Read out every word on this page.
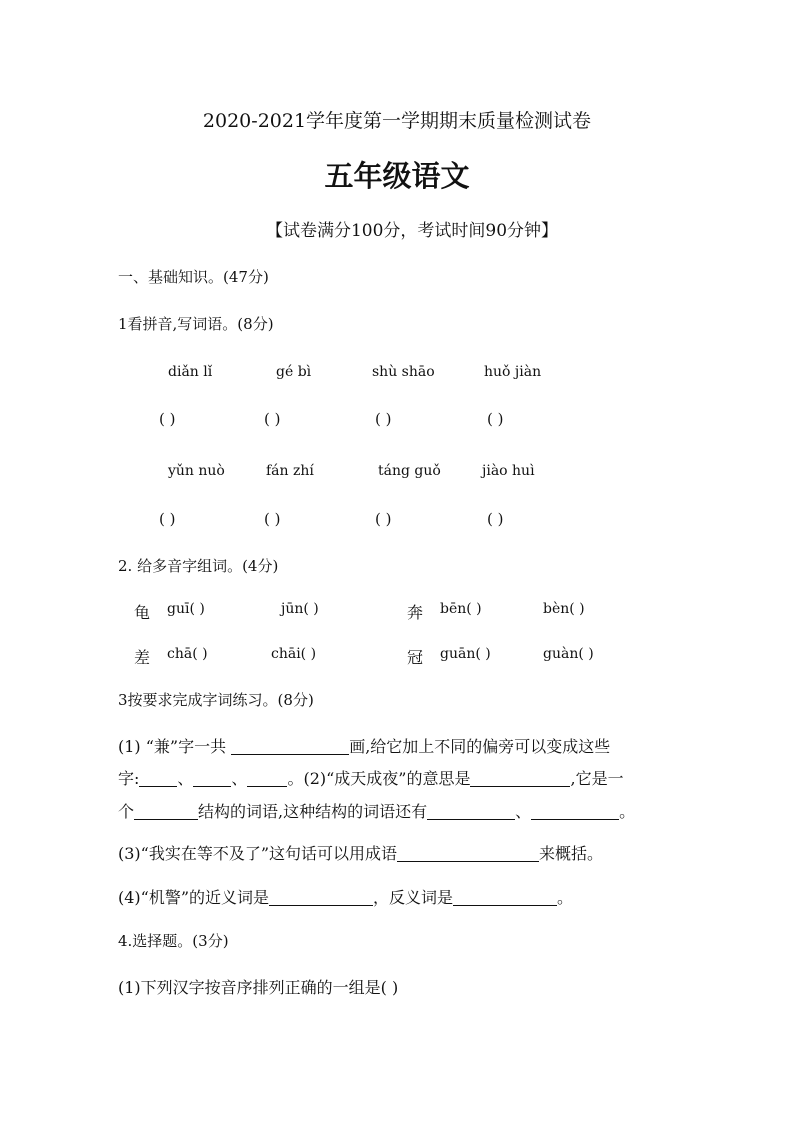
2020-2021学年度第一学期期末质量检测试卷
五年级语文
【试卷满分100分，考试时间90分钟】
一、基础知识。(47分)
1看拼音,写词语。(8分)
diǎn lǐ	gé bì	shù shāo	huǒ jiàn
( )	( )	( )	( )
yǔn nuò	fán zhí	táng guǒ	jiào huì
( )	( )	( )	( )
2. 给多音字组词。(4分)
龟 guī( )	jūn( )	奔 bēn( )	bèn( )
差 chā( )	chāi( )	冠 guān( )	guàn( )
3按要求完成字词练习。(8分)
(1) “兼”字一共	画,给它加上不同的偏旁可以变成这些
字: 、 、	。(2)“成天成夜”的意思是	,它是一
个	结构的词语,这种结构的词语还有	、	。
(3)“我实在等不及了”这句话可以用成语	来概括。
(4)“机警”的近义词是	，反义词是	。
4.选择题。(3分)
(1)下列汉字按音序排列正确的一组是( )
